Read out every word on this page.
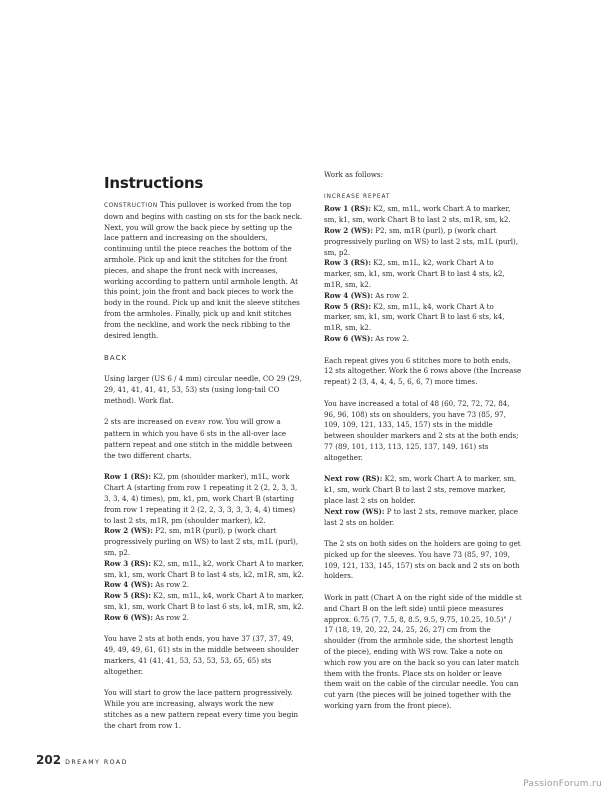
Instructions

CONSTRUCTION This pullover is worked from the top down and begins with casting on sts for the back neck. Next, you will grow the back piece by setting up the lace pattern and increasing on the shoulders, continuing until the piece reaches the bottom of the armhole. Pick up and knit the stitches for the front pieces, and shape the front neck with increases, working according to pattern until armhole length. At this point, join the front and back pieces to work the body in the round. Pick up and knit the sleeve stitches from the armholes. Finally, pick up and knit stitches from the neckline, and work the neck ribbing to the desired length.

BACK

Using larger (US 6 / 4 mm) circular needle, CO 29 (29, 29, 41, 41, 41, 41, 53, 53) sts (using long-tail CO method). Work flat.

2 sts are increased on EVERY row. You will grow a pattern in which you have 6 sts in the all-over lace pattern repeat and one stitch in the middle between the two different charts.

Row 1 (RS): K2, pm (shoulder marker), m1L, work Chart A (starting from row 1 repeating it 2 (2, 2, 3, 3, 3, 3, 4, 4) times), pm, k1, pm, work Chart B (starting from row 1 repeating it 2 (2, 2, 3, 3, 3, 3, 4, 4) times) to last 2 sts, m1R, pm (shoulder marker), k2.

Row 2 (WS): P2, sm, m1R (purl), p (work chart progressively purling on WS) to last 2 sts, m1L (purl), sm, p2.

Row 3 (RS): K2, sm, m1L, k2, work Chart A to marker, sm, k1, sm, work Chart B to last 4 sts, k2, m1R, sm, k2.

Row 4 (WS): As row 2.

Row 5 (RS): K2, sm, m1L, k4, work Chart A to marker, sm, k1, sm, work Chart B to last 6 sts, k4, m1R, sm, k2.

Row 6 (WS): As row 2.

You have 2 sts at both ends, you have 37 (37, 37, 49, 49, 49, 49, 61, 61) sts in the middle between shoulder markers, 41 (41, 41, 53, 53, 53, 53, 65, 65) sts altogether.

You will start to grow the lace pattern progressively. While you are increasing, always work the new stitches as a new pattern repeat every time you begin the chart from row 1.

Work as follows:

INCREASE REPEAT

Row 1 (RS): K2, sm, m1L, work Chart A to marker, sm, k1, sm, work Chart B to last 2 sts, m1R, sm, k2.

Row 2 (WS): P2, sm, m1R (purl), p (work chart progressively purling on WS) to last 2 sts, m1L (purl), sm, p2.

Row 3 (RS): K2, sm, m1L, k2, work Chart A to marker, sm, k1, sm, work Chart B to last 4 sts, k2, m1R, sm, k2.

Row 4 (WS): As row 2.

Row 5 (RS): K2, sm, m1L, k4, work Chart A to marker, sm, k1, sm, work Chart B to last 6 sts, k4, m1R, sm, k2.

Row 6 (WS): As row 2.

Each repeat gives you 6 stitches more to both ends, 12 sts altogether. Work the 6 rows above (the Increase repeat) 2 (3, 4, 4, 4, 5, 6, 6, 7) more times.

You have increased a total of 48 (60, 72, 72, 72, 84, 96, 96, 108) sts on shoulders, you have 73 (85, 97, 109, 109, 121, 133, 145, 157) sts in the middle between shoulder markers and 2 sts at the both ends; 77 (89, 101, 113, 113, 125, 137, 149, 161) sts altogether.

Next row (RS): K2, sm, work Chart A to marker, sm, k1, sm, work Chart B to last 2 sts, remove marker, place last 2 sts on holder.

Next row (WS): P to last 2 sts, remove marker, place last 2 sts on holder.

The 2 sts on both sides on the holders are going to get picked up for the sleeves. You have 73 (85, 97, 109, 109, 121, 133, 145, 157) sts on back and 2 sts on both holders.

Work in patt (Chart A on the right side of the middle st and Chart B on the left side) until piece measures approx. 6.75 (7, 7.5, 8, 8.5, 9.5, 9.75, 10.25, 10.5)" / 17 (18, 19, 20, 22, 24, 25, 26, 27) cm from the shoulder (from the armhole side, the shortest length of the piece), ending with WS row. Take a note on which row you are on the back so you can later match them with the fronts. Place sts on holder or leave them wait on the cable of the circular needle. You can cut yarn (the pieces will be joined together with the working yarn from the front piece).

202 DREAMY ROAD
PassionForum.ru
